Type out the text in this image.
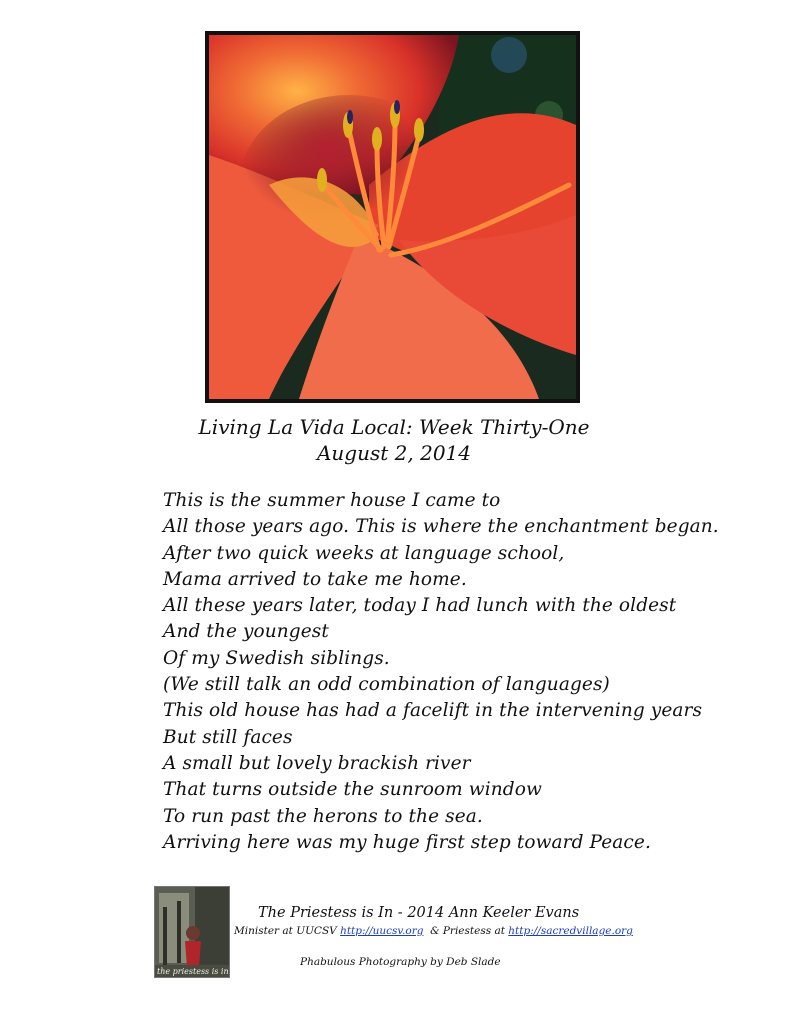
Living La Vida Local: Week Thirty-One
August 2, 2014
This is the summer house I came to
All those years ago. This is where the enchantment began.
After two quick weeks at language school,
Mama arrived to take me home.
All these years later, today I had lunch with the oldest
And the youngest
Of my Swedish siblings.
(We still talk an odd combination of languages)
This old house has had a facelift in the intervening years
But still faces
A small but lovely brackish river
That turns outside the sunroom window
To run past the herons to the sea.
Arriving here was my huge first step toward Peace.
the priestess is in
The Priestess is In - 2014 Ann Keeler Evans
Minister at UUCSV http://uucsv.org  & Priestess at http://sacredvillage.org
Phabulous Photography by Deb Slade
